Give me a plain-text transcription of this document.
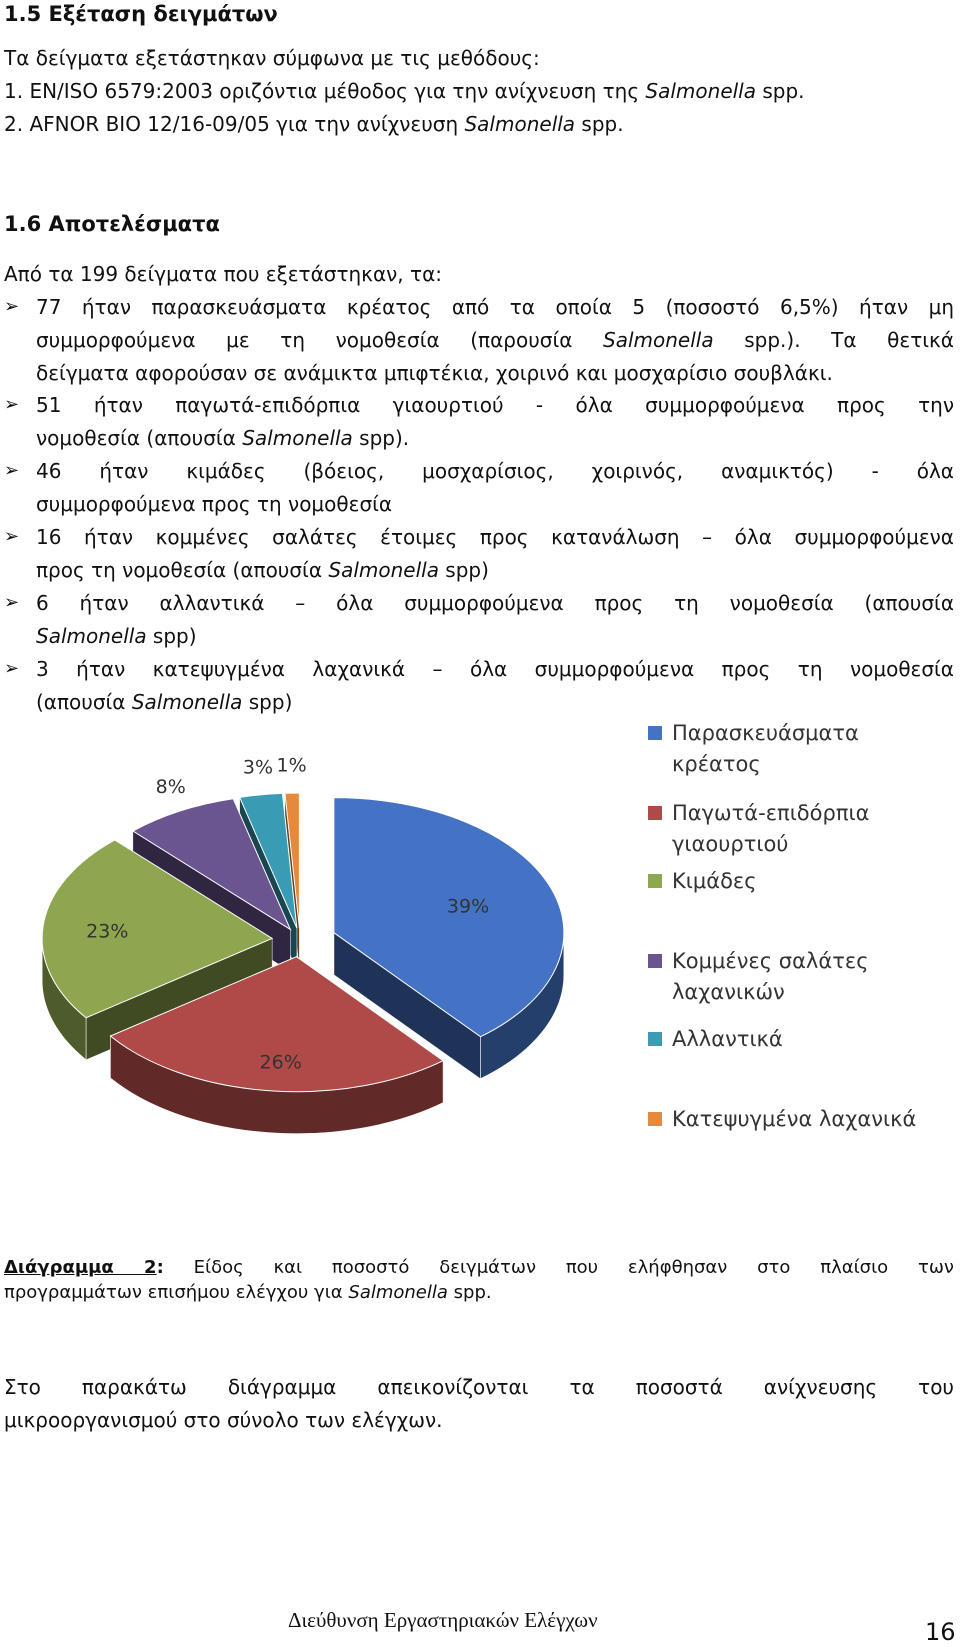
1.5 Εξέταση δειγμάτων
Τα δείγματα εξετάστηκαν σύμφωνα με τις μεθόδους:
1. EN/ISO 6579:2003 οριζόντια μέθοδος για την ανίχνευση της Salmonella spp.
2. AFNOR BIO 12/16-09/05 για την ανίχνευση Salmonella spp.
1.6 Αποτελέσματα
Από τα 199 δείγματα που εξετάστηκαν, τα:
➢ 77 ήταν παρασκευάσματα κρέατος από τα οποία 5 (ποσοστό 6,5%) ήταν μη
συμμορφούμενα με τη νομοθεσία (παρουσία Salmonella spp.). Τα θετικά
δείγματα αφορούσαν σε ανάμικτα μπιφτέκια, χοιρινό και μοσχαρίσιο σουβλάκι.
➢ 51 ήταν παγωτά-επιδόρπια γιαουρτιού - όλα συμμορφούμενα προς την
νομοθεσία (απουσία Salmonella spp).
➢ 46 ήταν κιμάδες (βόειος, μοσχαρίσιος, χοιρινός, αναμικτός) - όλα
συμμορφούμενα προς τη νομοθεσία
➢ 16 ήταν κομμένες σαλάτες έτοιμες προς κατανάλωση – όλα συμμορφούμενα
προς τη νομοθεσία (απουσία Salmonella spp)
➢ 6 ήταν αλλαντικά – όλα συμμορφούμενα προς τη νομοθεσία (απουσία
Salmonella spp)
➢ 3 ήταν κατεψυγμένα λαχανικά – όλα συμμορφούμενα προς τη νομοθεσία
(απουσία Salmonella spp)
39%
26%
23%
8%
3% 1%
Παρασκευάσματα
κρέατος
Παγωτά-επιδόρπια
γιαουρτιού
Κιμάδες
Κομμένες σαλάτες
λαχανικών
Αλλαντικά
Κατεψυγμένα λαχανικά
Διάγραμμα 2: Είδος και ποσοστό δειγμάτων που ελήφθησαν στο πλαίσιο των
προγραμμάτων επισήμου ελέγχου για Salmonella spp.
Στο παρακάτω διάγραμμα απεικονίζονται τα ποσοστά ανίχνευσης του
μικροοργανισμού στο σύνολο των ελέγχων.
Διεύθυνση Εργαστηριακών Ελέγχων	16
